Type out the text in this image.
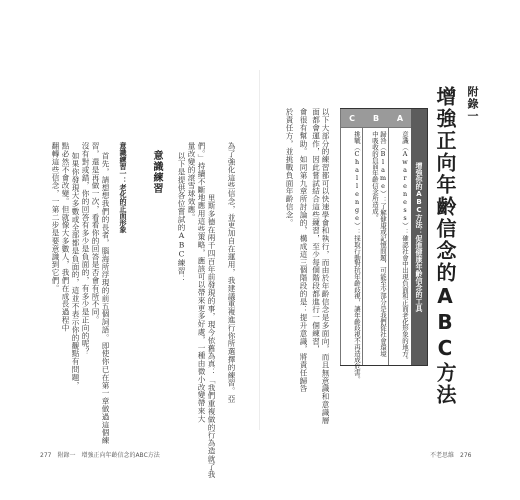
為了強化這些信念，並更加自在運用，我建議重複進行你所選擇的練習。亞
里斯多德在兩千四百年前發現的事，現今依舊為真：「我們重複做的行為造就了我
們。」持續不斷地應用這些策略，應該可以帶來更多好處，一種由微小改變帶來大
量改變的滾雪球效應。
以下是提供各位嘗試的ABC練習：
意識練習
意識練習一：老化的正面形象
首先，請想想我們的長者，腦海所浮現的前五個詞語。即使你已在第一章做過這個練
習，還是再做一次，看看你的回答是否會有所不同。
沒有對或錯，你的回答有多少是負面的，有多少是正向的呢？
如果你發現大多數或全部都是負面的，這並不表示你的觀點有問題，
點必然不會改變。但就像大多數人，我們在成長過程中
翻轉這些信念，一第二步是要意識到它們。
277　附錄一　增強正向年齡信念的ABC方法
附錄一
增強正向年齡信念的ABC方法
增強你的ABC方法：促進健康年齡信念的工具
A
意識（Awareness）：確認社會中出現負面和正面老化形象的地方。
B
歸咎（Blame）：了解健康或記憶問題，可能至少部分是我們從社會環境中吸收的負面年齡信念所造成。
C
挑戰（Challenge）：採取行動對抗年齡歧視，讓年齡歧視不再造成危害。
以下大部分的練習都可以快速學會和執行，而由於年齡信念是多面向，而且無意識和意識層面都會運作，因此嘗試結合這些練習，至少每個階段都進行一個練習，
會很有幫助。如同第九章所討論的，構成這三個階段的是：提升意識，將責任歸咎
於責任方，並挑戰負面年齡信念。
不老思維　276
